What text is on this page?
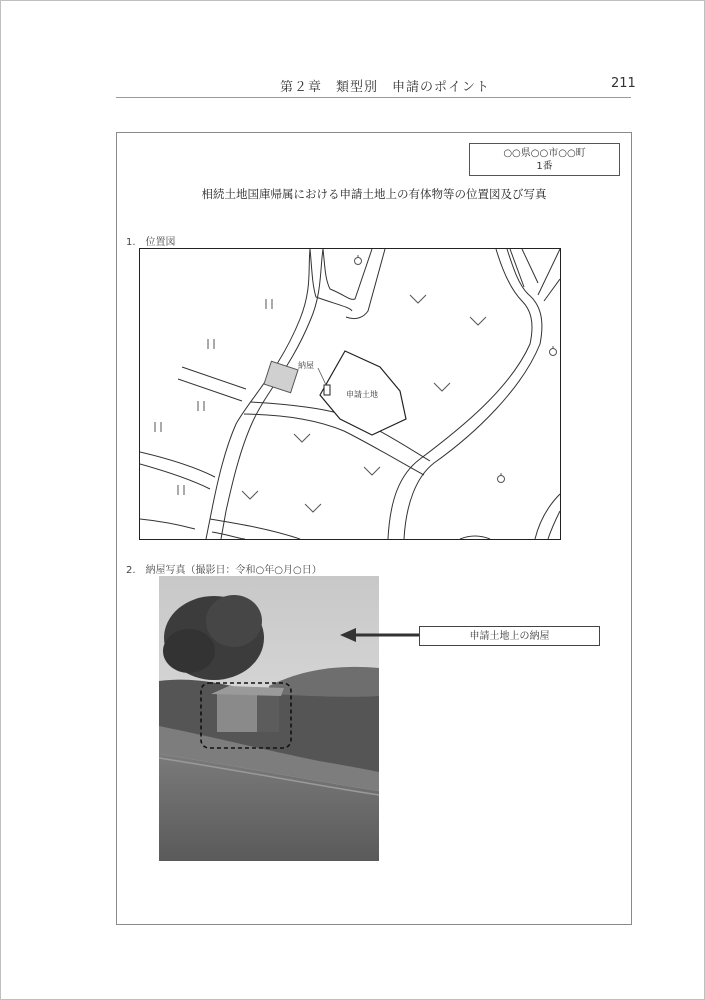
第２章　類型別　申請のポイント	211
○○県○○市○○町
1番
相続土地国庫帰属における申請土地上の有体物等の位置図及び写真
1.　位置図
納屋
申請土地
2.　納屋写真（撮影日：令和○年○月○日）
申請土地上の納屋
